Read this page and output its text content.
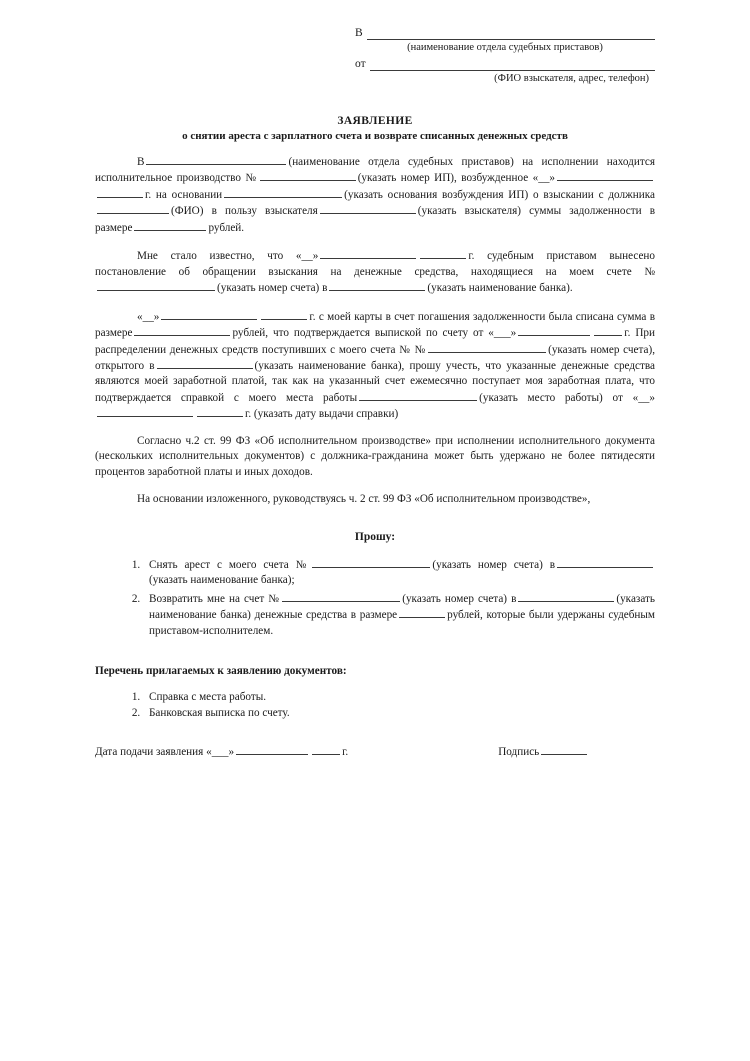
В
(наименование отдела судебных приставов)
от
(ФИО взыскателя, адрес, телефон)
ЗАЯВЛЕНИЕ
о снятии ареста с зарплатного счета и возврате списанных денежных средств

В	(наименование отдела судебных приставов) на исполнении находится исполнительное производство №	(указать номер ИП), возбужденное «__»г. на основании	(указать основания возбуждения ИП) о взыскании с должника(ФИО) в пользу взыскателя	(указать взыскателя) суммы задолженности в размере	рублей.

Мне стало известно, что «__»	г. судебным приставом вынесено постановление об обращении взыскания на денежные средства, находящиеся на моем счете №(указать номер счета) в	(указать наименование банка).

«__»	г. с моей карты в счет погашения задолженности была списана сумма в размере	рублей, что подтверждается выпиской по счету от «___»	г. При распределении денежных средств поступивших с моего счета № №	(указать номер счета), открытого в	(указать наименование банка), прошу учесть, что указанные денежные средства являются моей заработной платой, так как на указанный счет ежемесячно поступает моя заработная плата, что подтверждается справкой с моего места работы	(указать место работы) от «__»г. (указать дату выдачи справки)

Согласно ч.2 ст. 99 ФЗ «Об исполнительном производстве» при исполнении исполнительного документа (нескольких исполнительных документов) с должника-гражданина может быть удержано не более пятидесяти процентов заработной платы и иных доходов.

На основании изложенного, руководствуясь ч. 2 ст. 99 ФЗ «Об исполнительном производстве»,

Прошу:
1. Снять арест с моего счета №	(указать номер счета) в(указать наименование банка);
2. Возвратить мне на счет №	(указать номер счета) в	(указать наименование банка) денежные средства в размере	рублей, которые были удержаны судебным приставом-исполнителем.
Перечень прилагаемых к заявлению документов:
1. Справка с места работы.
2. Банковская выписка по счету.
Дата подачи заявления «___»	г.	Подпись
